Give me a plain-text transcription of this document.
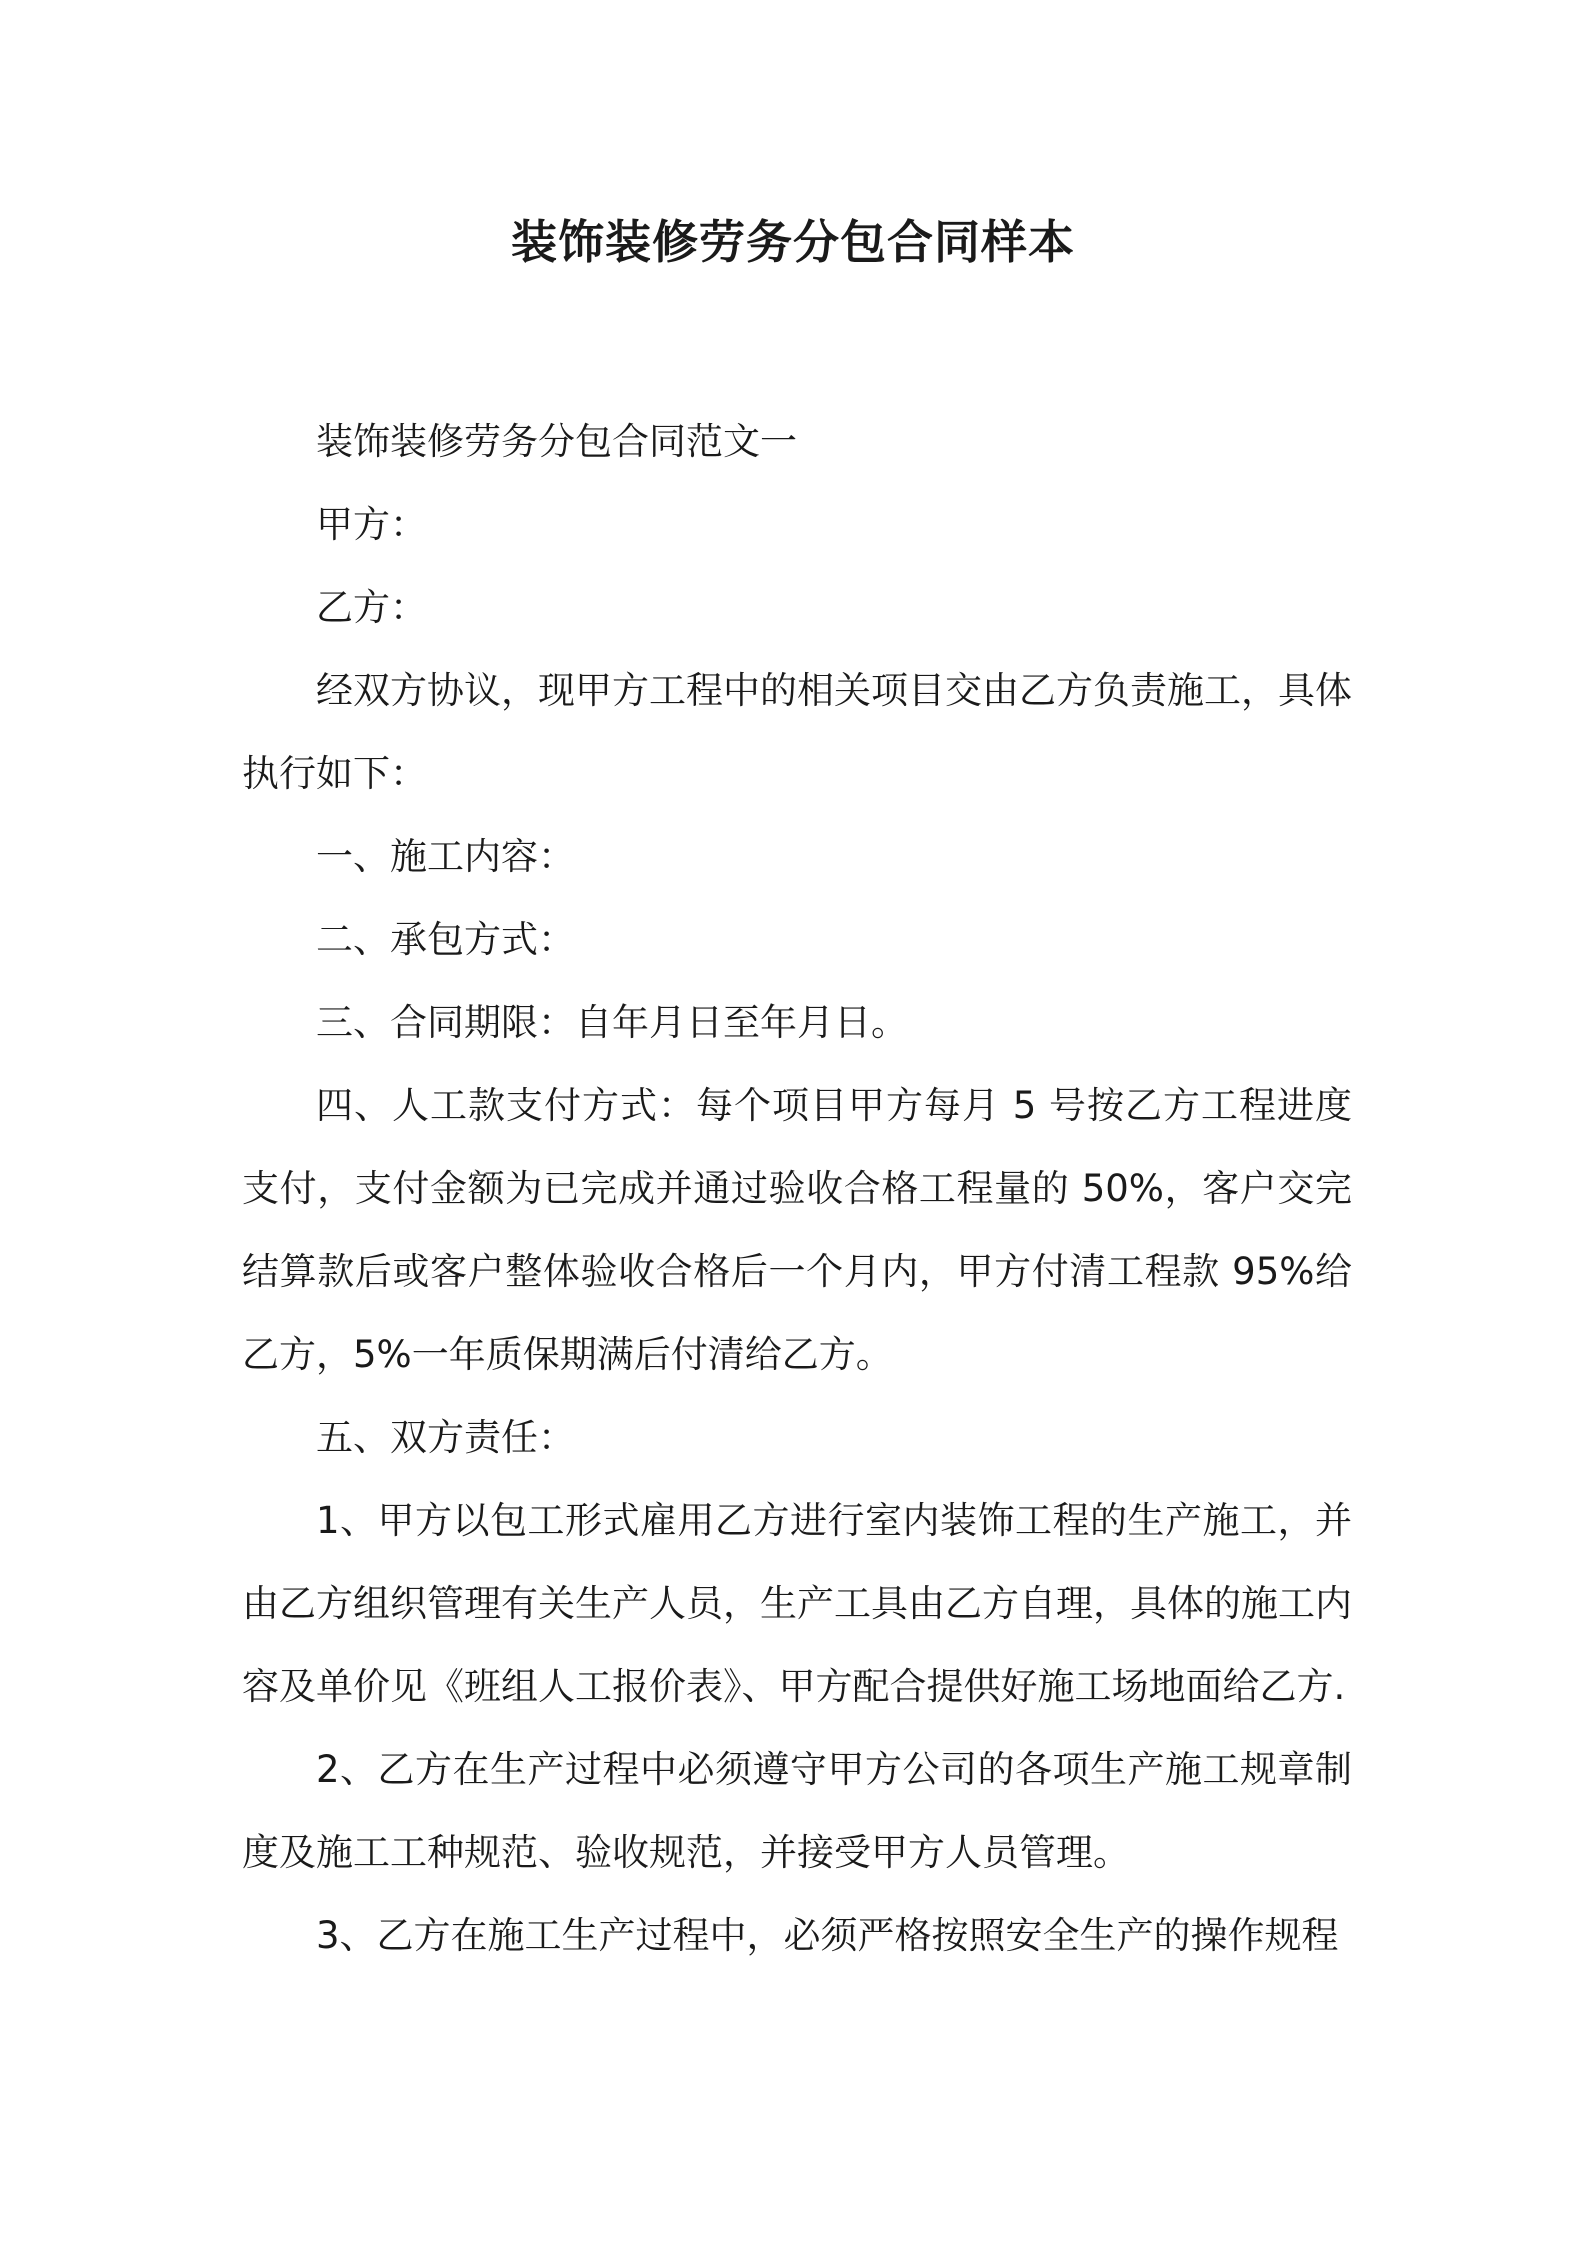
装饰装修劳务分包合同样本

装饰装修劳务分包合同范文一

甲方：

乙方：

经双方协议，现甲方工程中的相关项目交由乙方负责施工，具体执行如下：

一、施工内容：

二、承包方式：

三、合同期限：自年月日至年月日。

四、人工款支付方式：每个项目甲方每月 5 号按乙方工程进度支付，支付金额为已完成并通过验收合格工程量的 50%，客户交完结算款后或客户整体验收合格后一个月内，甲方付清工程款 95%给乙方，5%一年质保期满后付清给乙方。

五、双方责任：

1、甲方以包工形式雇用乙方进行室内装饰工程的生产施工，并由乙方组织管理有关生产人员，生产工具由乙方自理，具体的施工内容及单价见《班组人工报价表》、甲方配合提供好施工场地面给乙方.

2、乙方在生产过程中必须遵守甲方公司的各项生产施工规章制度及施工工种规范、验收规范，并接受甲方人员管理。

3、乙方在施工生产过程中，必须严格按照安全生产的操作规程
